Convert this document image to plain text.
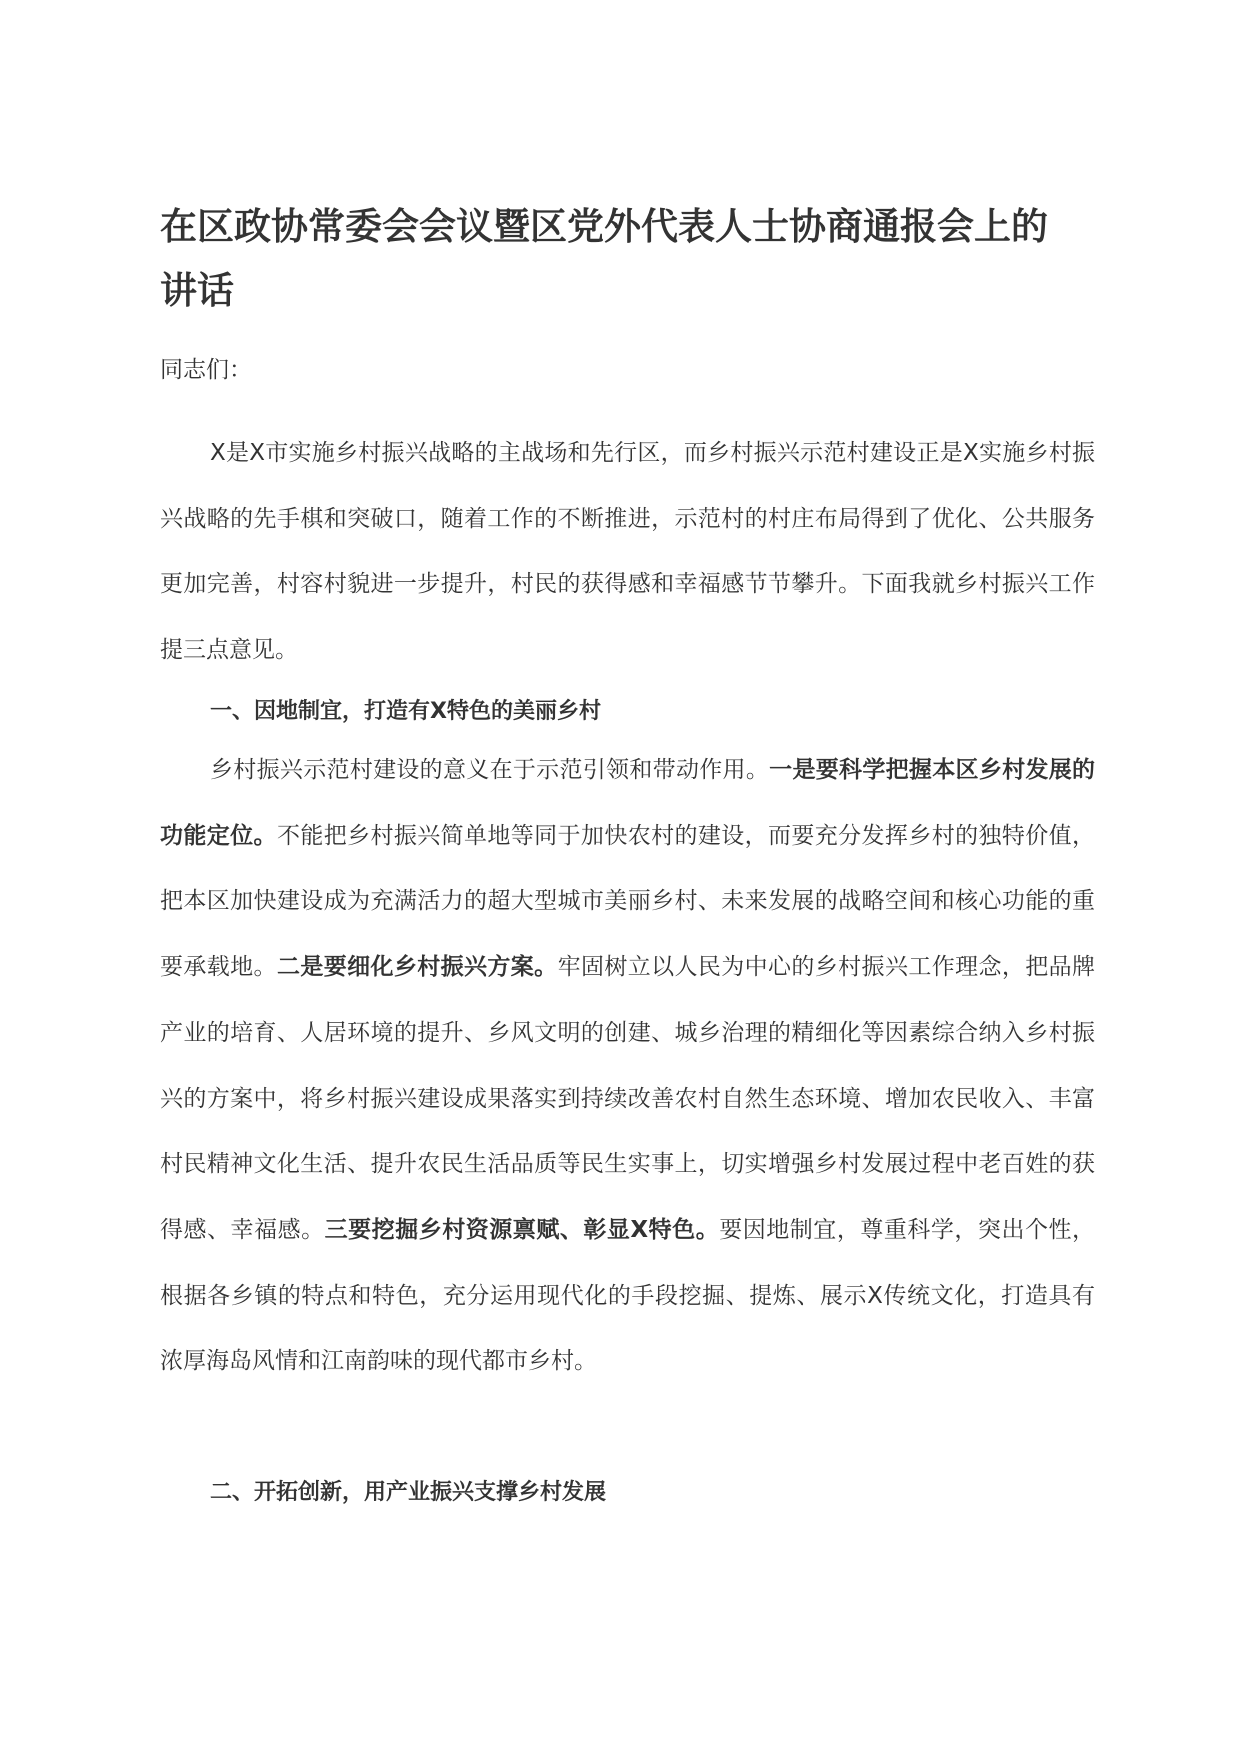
在区政协常委会会议暨区党外代表人士协商通报会上的讲话

同志们：

X是X市实施乡村振兴战略的主战场和先行区，而乡村振兴示范村建设正是X实施乡村振兴战略的先手棋和突破口，随着工作的不断推进，示范村的村庄布局得到了优化、公共服务更加完善，村容村貌进一步提升，村民的获得感和幸福感节节攀升。下面我就乡村振兴工作提三点意见。

一、因地制宜，打造有X特色的美丽乡村

乡村振兴示范村建设的意义在于示范引领和带动作用。一是要科学把握本区乡村发展的功能定位。不能把乡村振兴简单地等同于加快农村的建设，而要充分发挥乡村的独特价值，把本区加快建设成为充满活力的超大型城市美丽乡村、未来发展的战略空间和核心功能的重要承载地。二是要细化乡村振兴方案。牢固树立以人民为中心的乡村振兴工作理念，把品牌产业的培育、人居环境的提升、乡风文明的创建、城乡治理的精细化等因素综合纳入乡村振兴的方案中，将乡村振兴建设成果落实到持续改善农村自然生态环境、增加农民收入、丰富村民精神文化生活、提升农民生活品质等民生实事上，切实增强乡村发展过程中老百姓的获得感、幸福感。三要挖掘乡村资源禀赋、彰显X特色。要因地制宜，尊重科学，突出个性，根据各乡镇的特点和特色，充分运用现代化的手段挖掘、提炼、展示X传统文化，打造具有浓厚海岛风情和江南韵味的现代都市乡村。

二、开拓创新，用产业振兴支撑乡村发展
